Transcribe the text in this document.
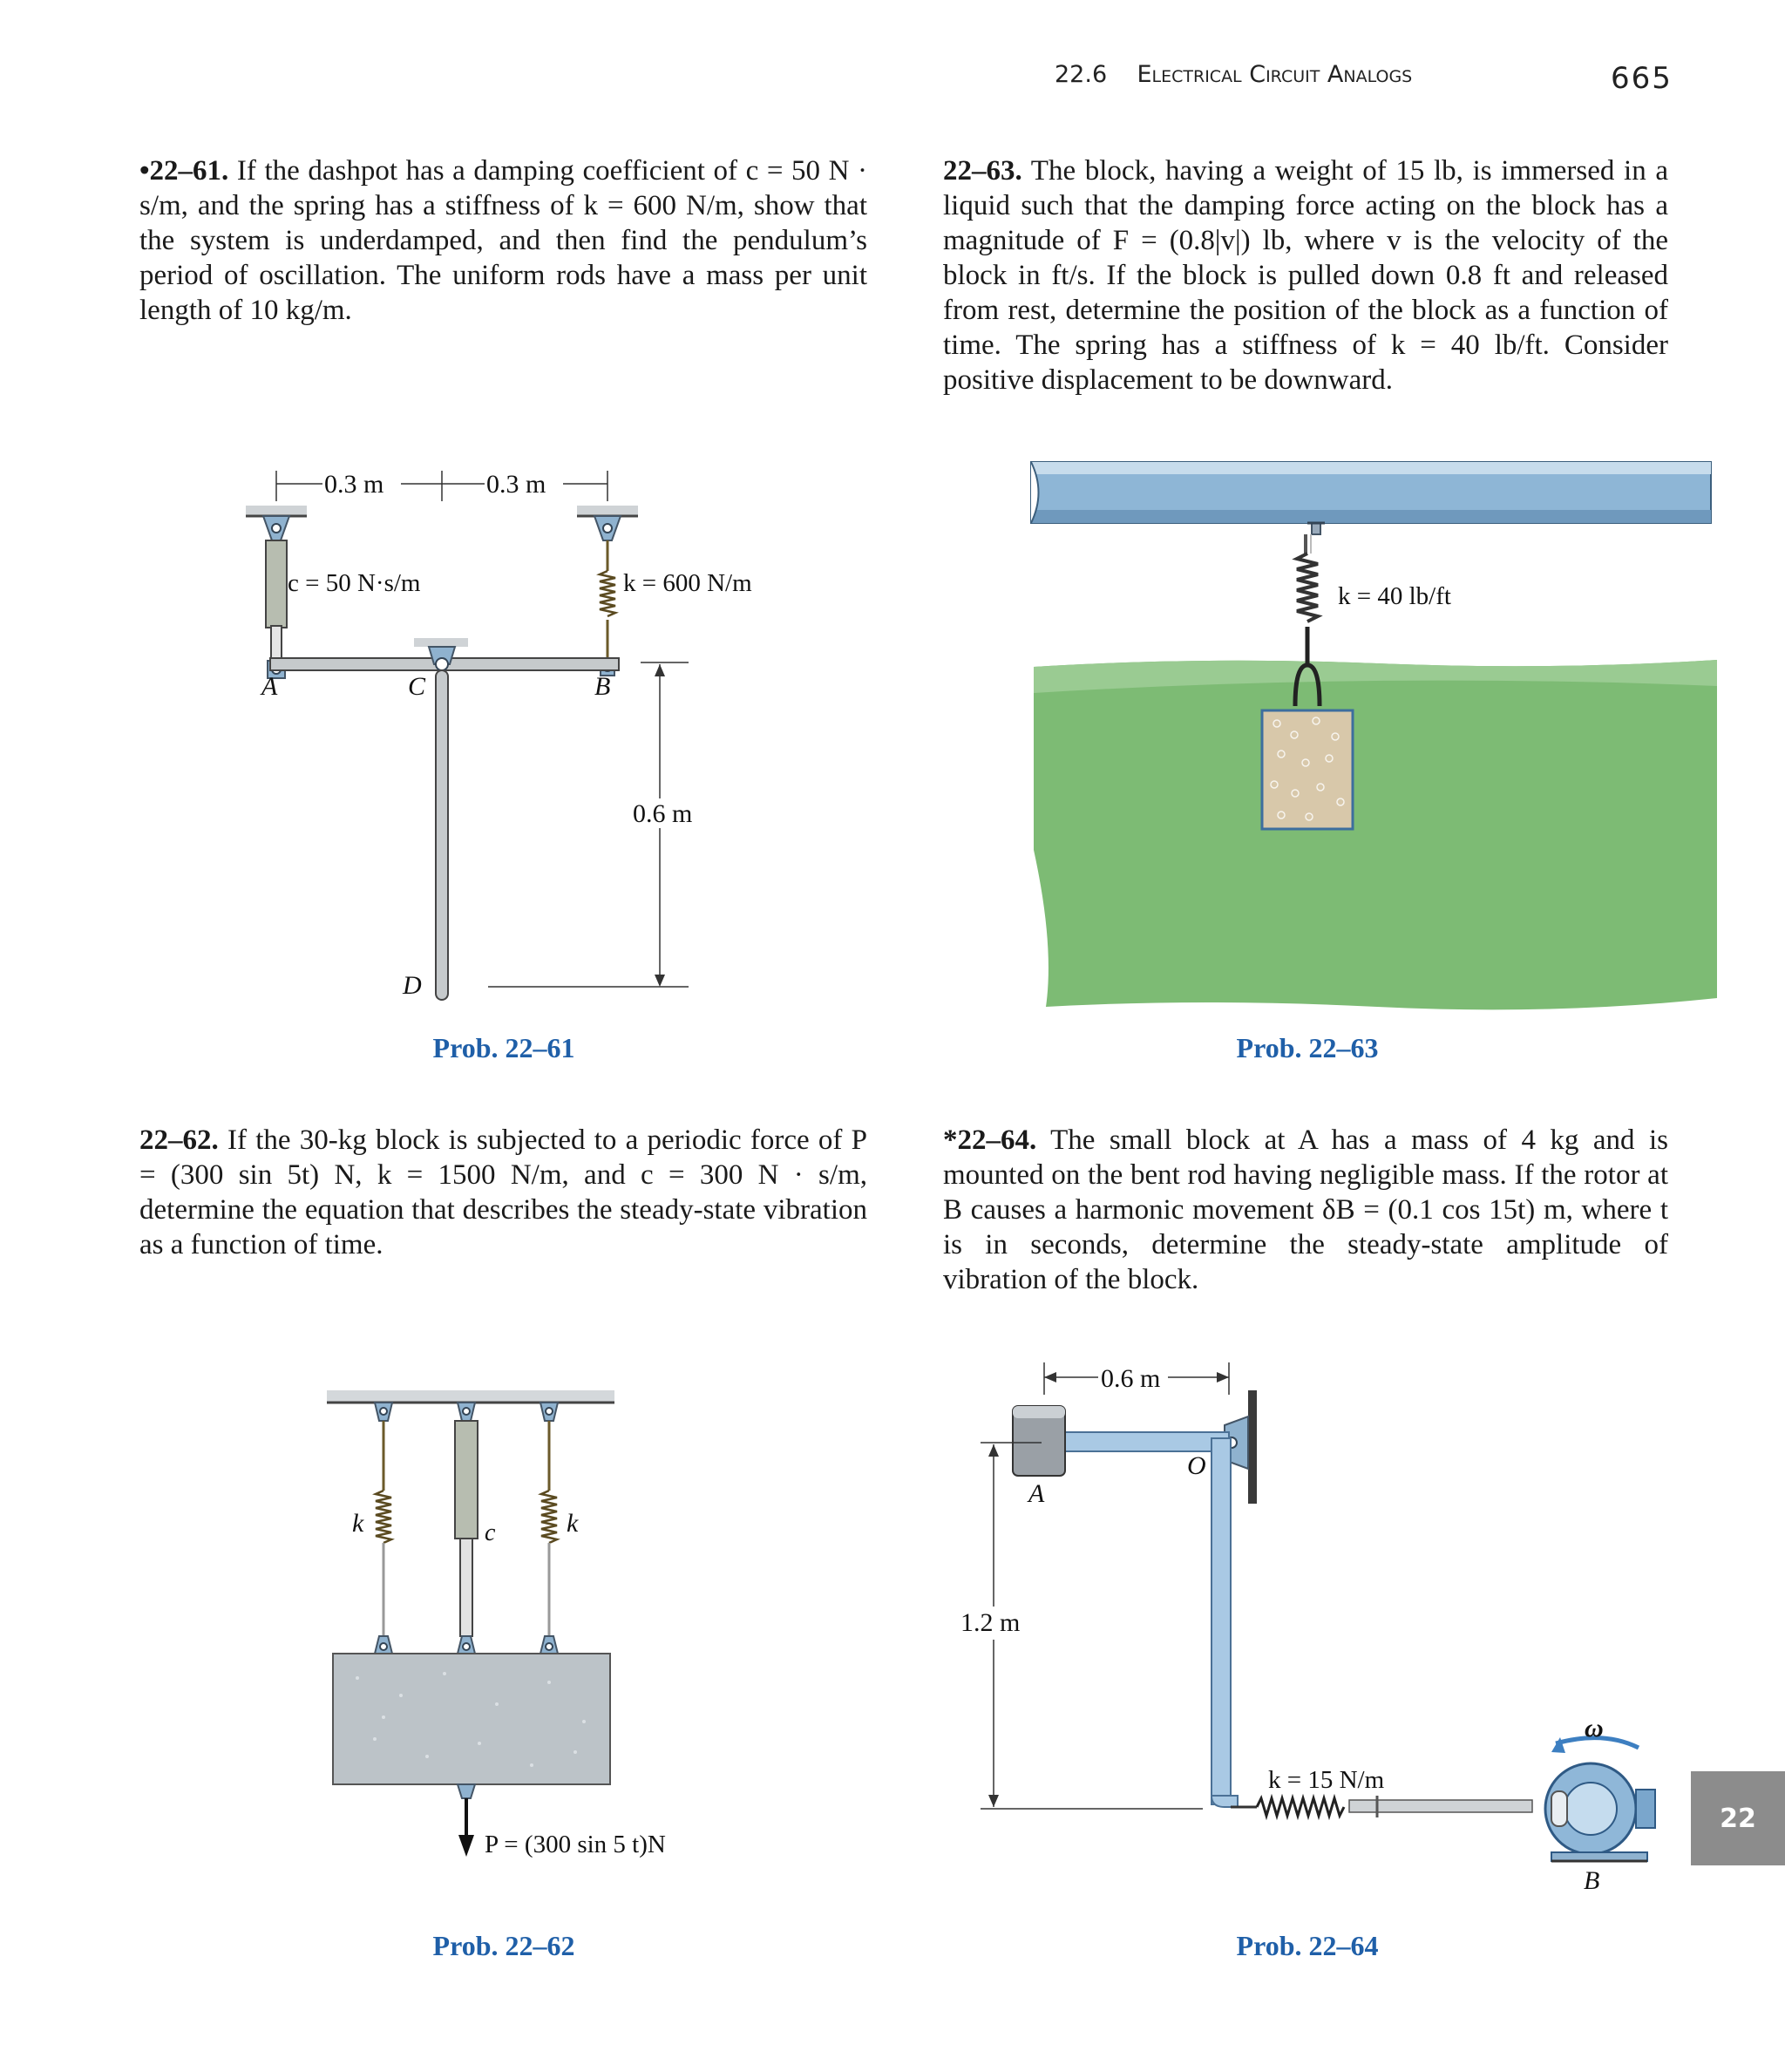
22.6 Electrical Circuit Analogs	665
•22–61. If the dashpot has a damping coefficient of c = 50 N · s/m, and the spring has a stiffness of k = 600 N/m, show that the system is underdamped, and then find the pendulum’s period of oscillation. The uniform rods have a mass per unit length of 10 kg/m.
22–63. The block, having a weight of 15 lb, is immersed in a liquid such that the damping force acting on the block has a magnitude of F = (0.8|v|) lb, where v is the velocity of the block in ft/s. If the block is pulled down 0.8 ft and released from rest, determine the position of the block as a function of time. The spring has a stiffness of k = 40 lb/ft. Consider positive displacement to be downward.
22–62. If the 30-kg block is subjected to a periodic force of P = (300 sin 5t) N, k = 1500 N/m, and c = 300 N · s/m, determine the equation that describes the steady-state vibration as a function of time.
*22–64. The small block at A has a mass of 4 kg and is mounted on the bent rod having negligible mass. If the rotor at B causes a harmonic movement δB = (0.1 cos 15t) m, where t is in seconds, determine the steady-state amplitude of vibration of the block.
0.3 m	0.3 m
c = 50 N·s/m	k = 600 N/m
0.6 m
A	C	B
D
Prob. 22–61
k = 40 lb/ft
Prob. 22–63
k	k
c
P = (300 sin 5 t)N
Prob. 22–62
0.6 m
A
O
1.2 m
k = 15 N/m
ω
B
Prob. 22–64
22
